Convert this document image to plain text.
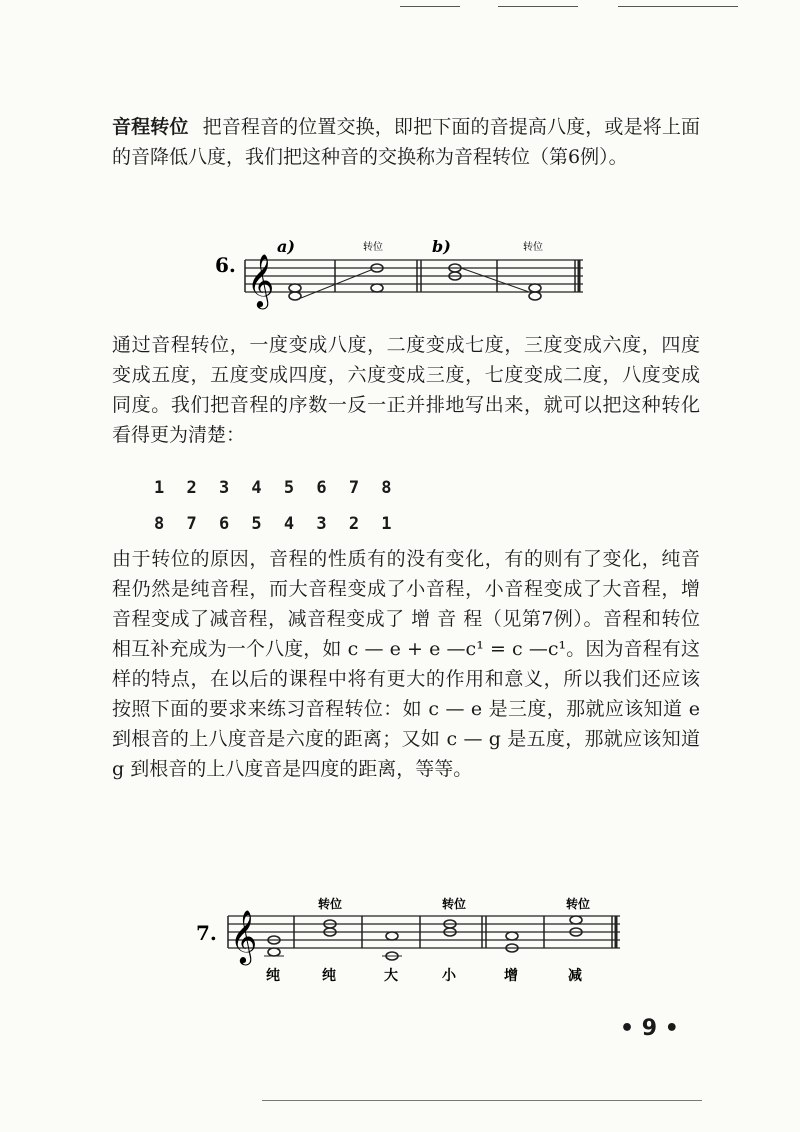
音程转位 把音程音的位置交换，即把下面的音提高八度，或是将上面的音降低八度，我们把这种音的交换称为音程转位（第6例）。

6.
a)	b)
转位	转位
𝄞

通过音程转位，一度变成八度，二度变成七度，三度变成六度，四度变成五度，五度变成四度，六度变成三度，七度变成二度，八度变成同度。我们把音程的序数一反一正并排地写出来，就可以把这种转化看得更为清楚：

1 2 3 4 5 6 7 8
8 7 6 5 4 3 2 1

由于转位的原因，音程的性质有的没有变化，有的则有了变化，纯音程仍然是纯音程，而大音程变成了小音程，小音程变成了大音程，增音程变成了减音程，减音程变成了 增 音 程（见第7例）。音程和转位相互补充成为一个八度，如 c — e + e —c¹ = c —c¹。因为音程有这样的特点，在以后的课程中将有更大的作用和意义，所以我们还应该按照下面的要求来练习音程转位：如 c — e 是三度，那就应该知道 e 到根音的上八度音是六度的距离；又如 c — g 是五度，那就应该知道 g 到根音的上八度音是四度的距离，等等。

7.
转位	转位	转位
𝄞
纯	纯	大	小	增	减
• 9 •
